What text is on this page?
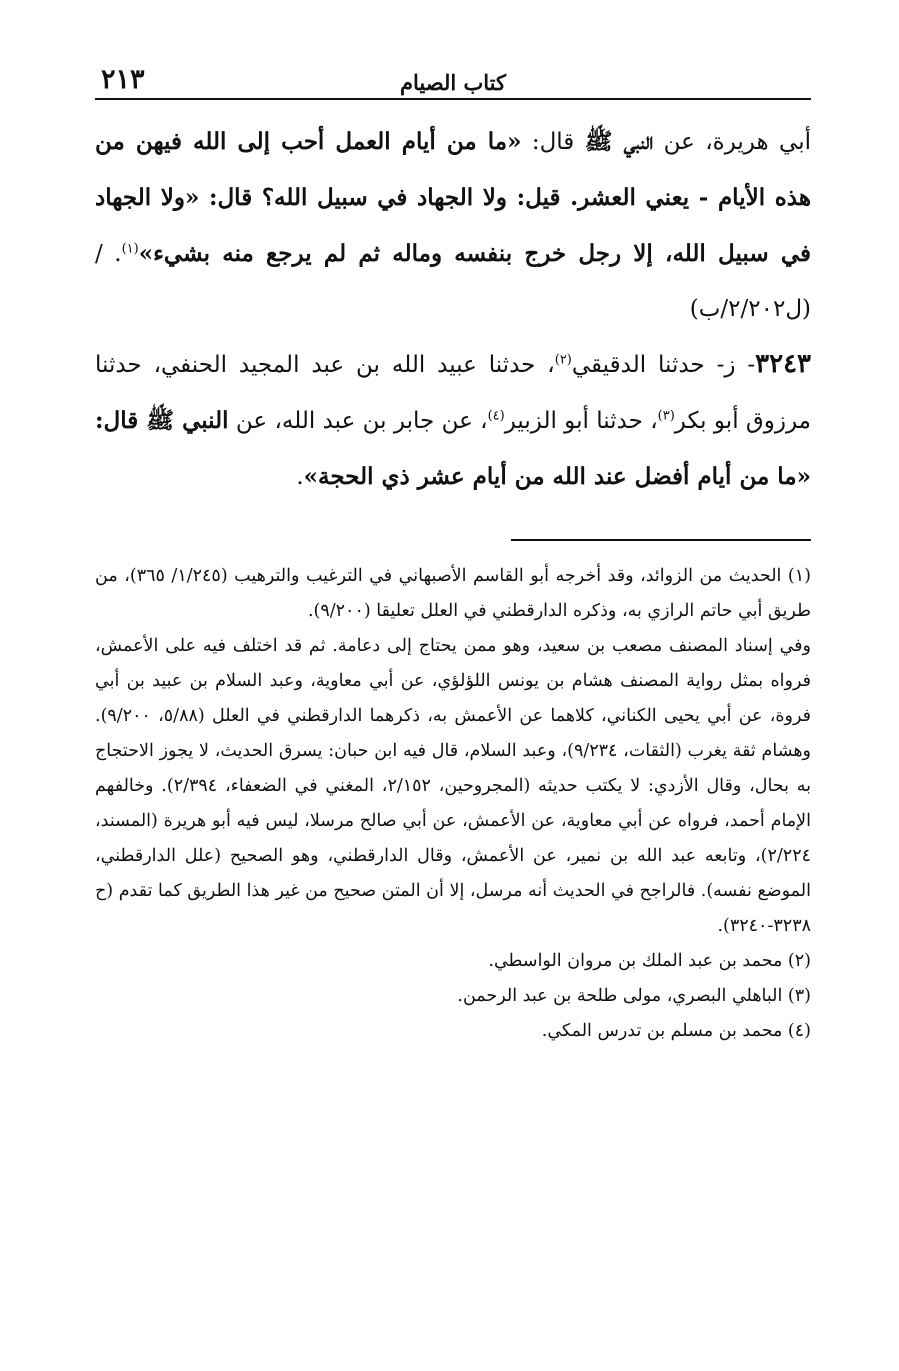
كتاب الصيام
٢١٣

أبي هريرة، عن النبي ﷺ قال: «ما من أيام العمل أحب إلى الله فيهن من هذه الأيام - يعني العشر. قيل: ولا الجهاد في سبيل الله؟ قال: «ولا الجهاد في سبيل الله، إلا رجل خرج بنفسه وماله ثم لم يرجع منه بشيء»$^{(١)}$. / (ل٢/٢٠٢/ب)

٣٢٤٣- ز- حدثنا الدقيقي$^{(٢)}$، حدثنا عبيد الله بن عبد المجيد الحنفي، حدثنا مرزوق أبو بكر$^{(٣)}$، حدثنا أبو الزبير$^{(٤)}$، عن جابر بن عبد الله، عن النبي ﷺ قال: «ما من أيام أفضل عند الله من أيام عشر ذي الحجة».

(١) الحديث من الزوائد، وقد أخرجه أبو القاسم الأصبهاني في الترغيب والترهيب (١/٢٤٥/ ٣٦٥)، من طريق أبي حاتم الرازي به، وذكره الدارقطني في العلل تعليقا (٩/٢٠٠).

وفي إسناد المصنف مصعب بن سعيد، وهو ممن يحتاج إلى دعامة. ثم قد اختلف فيه على الأعمش، فرواه بمثل رواية المصنف هشام بن يونس اللؤلؤي، عن أبي معاوية، وعبد السلام بن عبيد بن أبي فروة، عن أبي يحيى الكناني، كلاهما عن الأعمش به، ذكرهما الدارقطني في العلل (٥/٨٨، ٩/٢٠٠). وهشام ثقة يغرب (الثقات، ٩/٢٣٤)، وعبد السلام، قال فيه ابن حبان: يسرق الحديث، لا يجوز الاحتجاج به بحال، وقال الأزدي: لا يكتب حديثه (المجروحين، ٢/١٥٢، المغني في الضعفاء، ٢/٣٩٤). وخالفهم الإمام أحمد، فرواه عن أبي معاوية، عن الأعمش، عن أبي صالح مرسلا، ليس فيه أبو هريرة (المسند، ٢/٢٢٤)، وتابعه عبد الله بن نمير، عن الأعمش، وقال الدارقطني، وهو الصحيح (علل الدارقطني، الموضع نفسه). فالراجح في الحديث أنه مرسل، إلا أن المتن صحيح من غير هذا الطريق كما تقدم (ح ٣٢٣٨-٣٢٤٠).

(٢) محمد بن عبد الملك بن مروان الواسطي.

(٣) الباهلي البصري، مولى طلحة بن عبد الرحمن.

(٤) محمد بن مسلم بن تدرس المكي.
